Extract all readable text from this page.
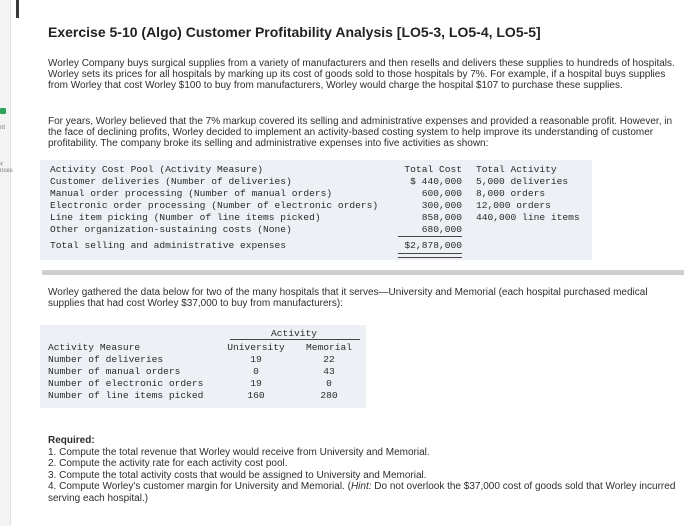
nt
‹
nces
Exercise 5-10 (Algo) Customer Profitability Analysis [LO5-3, LO5-4, LO5-5]
Worley Company buys surgical supplies from a variety of manufacturers and then resells and delivers these supplies to hundreds of hospitals. Worley sets its prices for all hospitals by marking up its cost of goods sold to those hospitals by 7%. For example, if a hospital buys supplies from Worley that cost Worley $100 to buy from manufacturers, Worley would charge the hospital $107 to purchase these supplies.
For years, Worley believed that the 7% markup covered its selling and administrative expenses and provided a reasonable profit. However, in the face of declining profits, Worley decided to implement an activity-based costing system to help improve its understanding of customer profitability. The company broke its selling and administrative expenses into five activities as shown:
Activity Cost Pool (Activity Measure)	Total Cost Total Activity
Customer deliveries (Number of deliveries)	$ 440,000 5,000 deliveries
Manual order processing (Number of manual orders)	600,000 8,000 orders
Electronic order processing (Number of electronic orders)	300,000 12,000 orders
Line item picking (Number of line items picked)	858,000 440,000 line items
Other organization-sustaining costs (None)	680,000
Total selling and administrative expenses	$2,878,000
Worley gathered the data below for two of the many hospitals that it serves—University and Memorial (each hospital purchased medical supplies that had cost Worley $37,000 to buy from manufacturers):
Activity
Activity Measure	University	Memorial
Number of deliveries	19	22
Number of manual orders	0	43
Number of electronic orders	19	0
Number of line items picked	160	280
Required:
1. Compute the total revenue that Worley would receive from University and Memorial.
2. Compute the activity rate for each activity cost pool.
3. Compute the total activity costs that would be assigned to University and Memorial.
4. Compute Worley's customer margin for University and Memorial. (Hint: Do not overlook the $37,000 cost of goods sold that Worley incurred serving each hospital.)
